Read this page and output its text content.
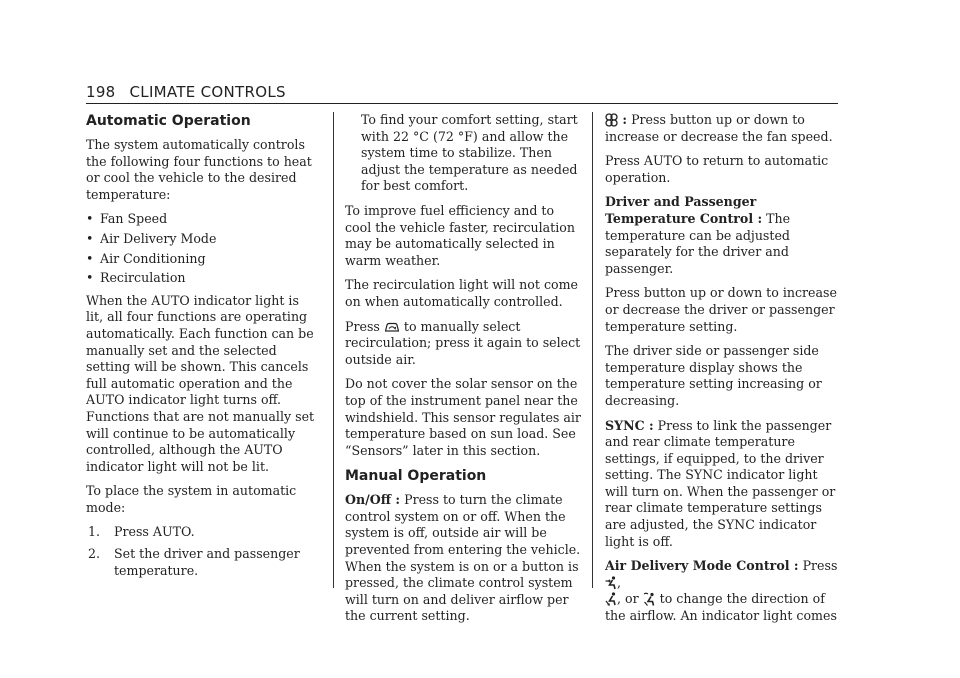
198 CLIMATE CONTROLS
Automatic Operation

The system automatically controls the following four functions to heat or cool the vehicle to the desired temperature:

• Fan Speed
• Air Delivery Mode
• Air Conditioning
• Recirculation

When the AUTO indicator light is lit, all four functions are operating automatically. Each function can be manually set and the selected setting will be shown. This cancels full automatic operation and the AUTO indicator light turns off. Functions that are not manually set will continue to be automatically controlled, although the AUTO indicator light will not be lit.

To place the system in automatic mode:

1. Press AUTO.
2. Set the driver and passenger temperature.
To find your comfort setting, start with 22 °C (72 °F) and allow the system time to stabilize. Then adjust the temperature as needed for best comfort.

To improve fuel efficiency and to cool the vehicle faster, recirculation may be automatically selected in warm weather.

The recirculation light will not come on when automatically controlled.

Press to manually select recirculation; press it again to select outside air.

Do not cover the solar sensor on the top of the instrument panel near the windshield. This sensor regulates air temperature based on sun load. See “Sensors” later in this section.

Manual Operation

On/Off : Press to turn the climate control system on or off. When the system is off, outside air will be prevented from entering the vehicle. When the system is on or a button is pressed, the climate control system will turn on and deliver airflow per the current setting.

: Press button up or down to increase or decrease the fan speed.

Press AUTO to return to automatic operation.

Driver and Passenger Temperature Control : The temperature can be adjusted separately for the driver and passenger.

Press button up or down to increase or decrease the driver or passenger temperature setting.

The driver side or passenger side temperature display shows the temperature setting increasing or decreasing.

SYNC : Press to link the passenger and rear climate temperature settings, if equipped, to the driver setting. The SYNC indicator light will turn on. When the passenger or rear climate temperature settings are adjusted, the SYNC indicator light is off.

Air Delivery Mode Control : Press ,
, or to change the direction of the airflow. An indicator light comes
